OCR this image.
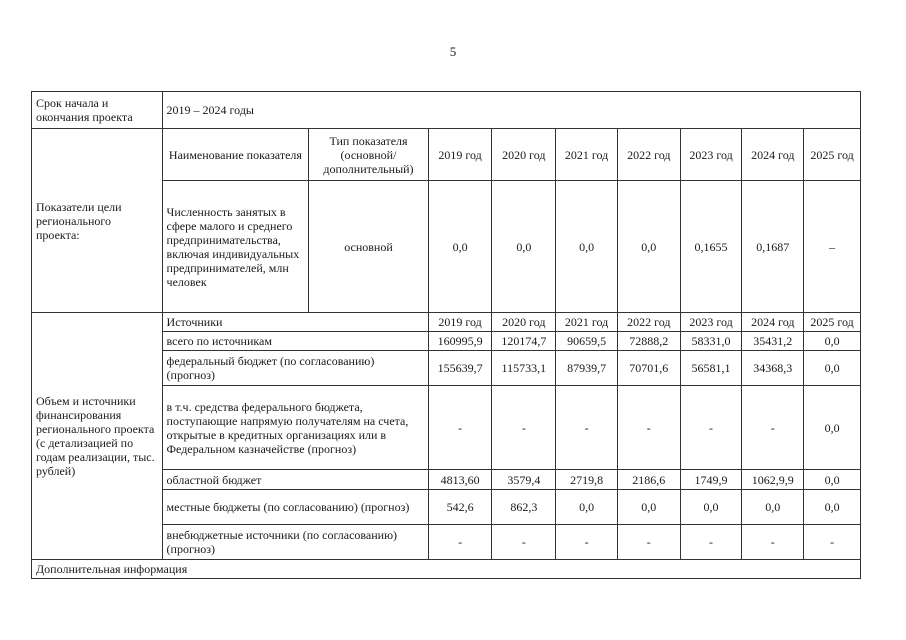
5
Срок начала и окончания проекта	2019 – 2024 годы								
Показатели цели регионального проекта:	Наименование показателя	Тип показателя (основной/ дополнительный)	2019 год	2020 год	2021 год	2022 год	2023 год	2024 год	2025 год
	Численность занятых в сфере малого и среднего предпринимательства, включая индивидуальных предпринимателей, млн человек	основной	0,0	0,0	0,0	0,0	0,1655	0,1687	–
Объем и источники финансирования регионального проекта (с детализацией по годам реализации, тыс. рублей)	Источники		2019 год	2020 год	2021 год	2022 год	2023 год	2024 год	2025 год
	всего по источникам		160995,9	120174,7	90659,5	72888,2	58331,0	35431,2	0,0
	федеральный бюджет (по согласованию) (прогноз)		155639,7	115733,1	87939,7	70701,6	56581,1	34368,3	0,0
	в т.ч. средства федерального бюджета, поступающие напрямую получателям на счета, открытые в кредитных организациях или в Федеральном казначействе (прогноз)		-	-	-	-	-	-	0,0
	областной бюджет		4813,60	3579,4	2719,8	2186,6	1749,9	1062,9,9	0,0
	местные бюджеты (по согласованию) (прогноз)		542,6	862,3	0,0	0,0	0,0	0,0	0,0
	внебюджетные источники (по согласованию) (прогноз)		-	-	-	-	-	-	-
Дополнительная информация									
